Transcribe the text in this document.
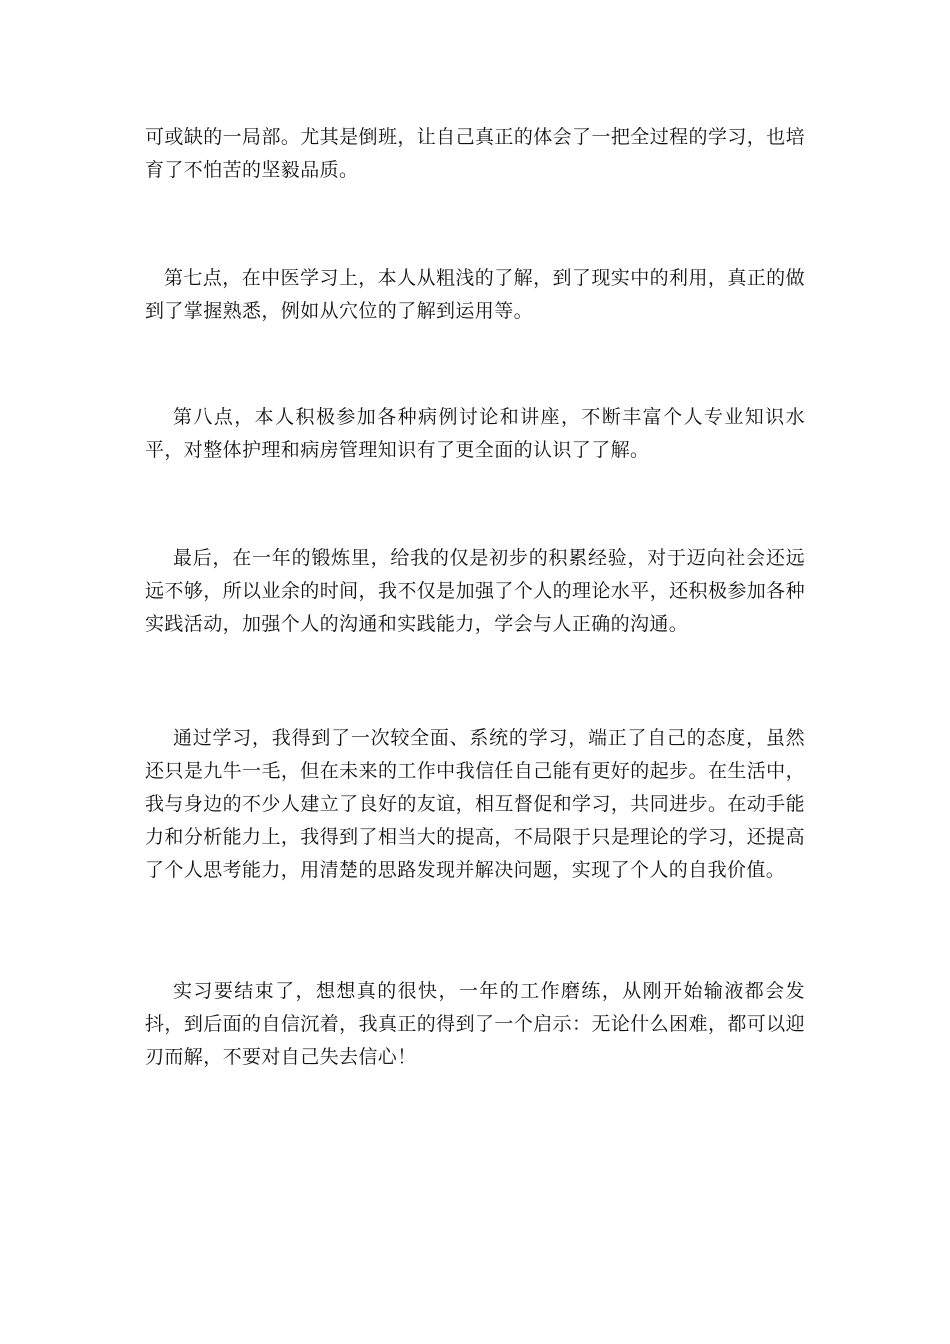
可或缺的一局部。尤其是倒班，让自己真正的体会了一把全过程的学习，也培育了不怕苦的坚毅品质。

第七点，在中医学习上，本人从粗浅的了解，到了现实中的利用，真正的做到了掌握熟悉，例如从穴位的了解到运用等。

第八点，本人积极参加各种病例讨论和讲座，不断丰富个人专业知识水平，对整体护理和病房管理知识有了更全面的认识了了解。

最后，在一年的锻炼里，给我的仅是初步的积累经验，对于迈向社会还远远不够，所以业余的时间，我不仅是加强了个人的理论水平，还积极参加各种实践活动，加强个人的沟通和实践能力，学会与人正确的沟通。

通过学习，我得到了一次较全面、系统的学习，端正了自己的态度，虽然还只是九牛一毛，但在未来的工作中我信任自己能有更好的起步。在生活中，我与身边的不少人建立了良好的友谊，相互督促和学习，共同进步。在动手能力和分析能力上，我得到了相当大的提高，不局限于只是理论的学习，还提高了个人思考能力，用清楚的思路发现并解决问题，实现了个人的自我价值。

实习要结束了，想想真的很快，一年的工作磨练，从刚开始输液都会发抖，到后面的自信沉着，我真正的得到了一个启示：无论什么困难，都可以迎刃而解，不要对自己失去信心！
